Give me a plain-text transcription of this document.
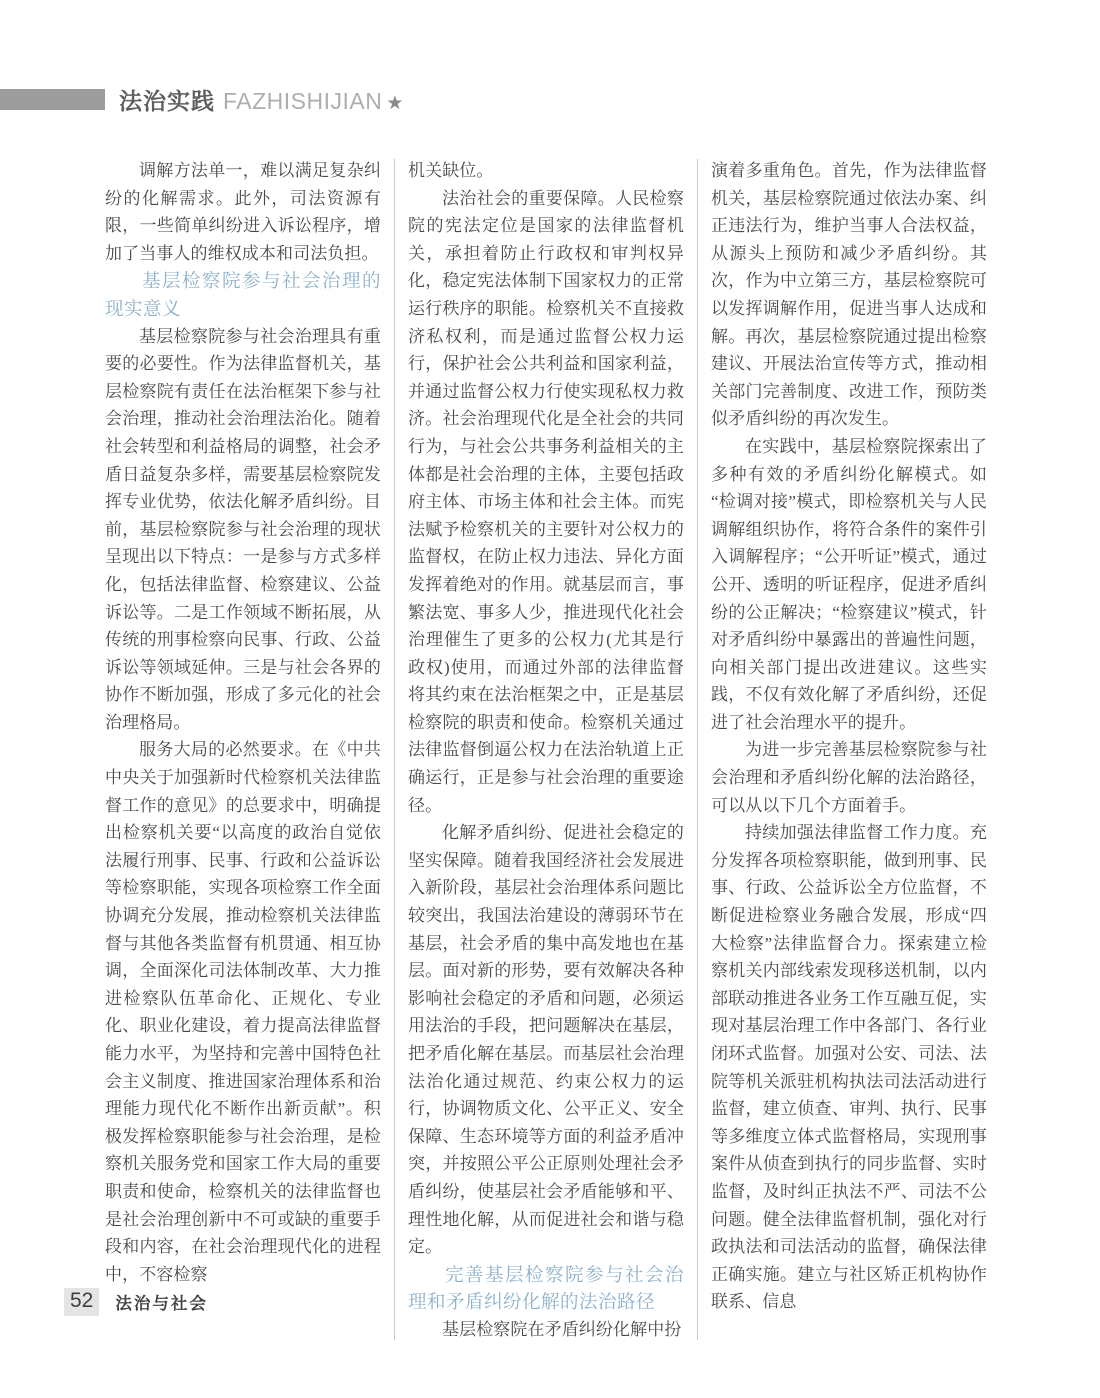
法治实践 FAZHISHIJIAN ★

调解方法单一，难以满足复杂纠纷的化解需求。此外，司法资源有限，一些简单纠纷进入诉讼程序，增加了当事人的维权成本和司法负担。

基层检察院参与社会治理的现实意义

基层检察院参与社会治理具有重要的必要性。作为法律监督机关，基层检察院有责任在法治框架下参与社会治理，推动社会治理法治化。随着社会转型和利益格局的调整，社会矛盾日益复杂多样，需要基层检察院发挥专业优势，依法化解矛盾纠纷。目前，基层检察院参与社会治理的现状呈现出以下特点：一是参与方式多样化，包括法律监督、检察建议、公益诉讼等。二是工作领域不断拓展，从传统的刑事检察向民事、行政、公益诉讼等领域延伸。三是与社会各界的协作不断加强，形成了多元化的社会治理格局。

服务大局的必然要求。在《中共中央关于加强新时代检察机关法律监督工作的意见》的总要求中，明确提出检察机关要“以高度的政治自觉依法履行刑事、民事、行政和公益诉讼等检察职能，实现各项检察工作全面协调充分发展，推动检察机关法律监督与其他各类监督有机贯通、相互协调，全面深化司法体制改革、大力推进检察队伍革命化、正规化、专业化、职业化建设，着力提高法律监督能力水平，为坚持和完善中国特色社会主义制度、推进国家治理体系和治理能力现代化不断作出新贡献”。积极发挥检察职能参与社会治理，是检察机关服务党和国家工作大局的重要职责和使命，检察机关的法律监督也是社会治理创新中不可或缺的重要手段和内容，在社会治理现代化的进程中，不容检察

机关缺位。

法治社会的重要保障。人民检察院的宪法定位是国家的法律监督机关，承担着防止行政权和审判权异化，稳定宪法体制下国家权力的正常运行秩序的职能。检察机关不直接救济私权利，而是通过监督公权力运行，保护社会公共利益和国家利益，并通过监督公权力行使实现私权力救济。社会治理现代化是全社会的共同行为，与社会公共事务利益相关的主体都是社会治理的主体，主要包括政府主体、市场主体和社会主体。而宪法赋予检察机关的主要针对公权力的监督权，在防止权力违法、异化方面发挥着绝对的作用。就基层而言，事繁法宽、事多人少，推进现代化社会治理催生了更多的公权力(尤其是行政权)使用，而通过外部的法律监督将其约束在法治框架之中，正是基层检察院的职责和使命。检察机关通过法律监督倒逼公权力在法治轨道上正确运行，正是参与社会治理的重要途径。

化解矛盾纠纷、促进社会稳定的坚实保障。随着我国经济社会发展进入新阶段，基层社会治理体系问题比较突出，我国法治建设的薄弱环节在基层，社会矛盾的集中高发地也在基层。面对新的形势，要有效解决各种影响社会稳定的矛盾和问题，必须运用法治的手段，把问题解决在基层，把矛盾化解在基层。而基层社会治理法治化通过规范、约束公权力的运行，协调物质文化、公平正义、安全保障、生态环境等方面的利益矛盾冲突，并按照公平公正原则处理社会矛盾纠纷，使基层社会矛盾能够和平、理性地化解，从而促进社会和谐与稳定。

完善基层检察院参与社会治理和矛盾纠纷化解的法治路径

基层检察院在矛盾纠纷化解中扮

演着多重角色。首先，作为法律监督机关，基层检察院通过依法办案、纠正违法行为，维护当事人合法权益，从源头上预防和减少矛盾纠纷。其次，作为中立第三方，基层检察院可以发挥调解作用，促进当事人达成和解。再次，基层检察院通过提出检察建议、开展法治宣传等方式，推动相关部门完善制度、改进工作，预防类似矛盾纠纷的再次发生。

在实践中，基层检察院探索出了多种有效的矛盾纠纷化解模式。如“检调对接”模式，即检察机关与人民调解组织协作，将符合条件的案件引入调解程序；“公开听证”模式，通过公开、透明的听证程序，促进矛盾纠纷的公正解决；“检察建议”模式，针对矛盾纠纷中暴露出的普遍性问题，向相关部门提出改进建议。这些实践，不仅有效化解了矛盾纠纷，还促进了社会治理水平的提升。

为进一步完善基层检察院参与社会治理和矛盾纠纷化解的法治路径，可以从以下几个方面着手。

持续加强法律监督工作力度。充分发挥各项检察职能，做到刑事、民事、行政、公益诉讼全方位监督，不断促进检察业务融合发展，形成“四大检察”法律监督合力。探索建立检察机关内部线索发现移送机制，以内部联动推进各业务工作互融互促，实现对基层治理工作中各部门、各行业闭环式监督。加强对公安、司法、法院等机关派驻机构执法司法活动进行监督，建立侦查、审判、执行、民事等多维度立体式监督格局，实现刑事案件从侦查到执行的同步监督、实时监督，及时纠正执法不严、司法不公问题。健全法律监督机制，强化对行政执法和司法活动的监督，确保法律正确实施。建立与社区矫正机构协作联系、信息

52	法治与社会
